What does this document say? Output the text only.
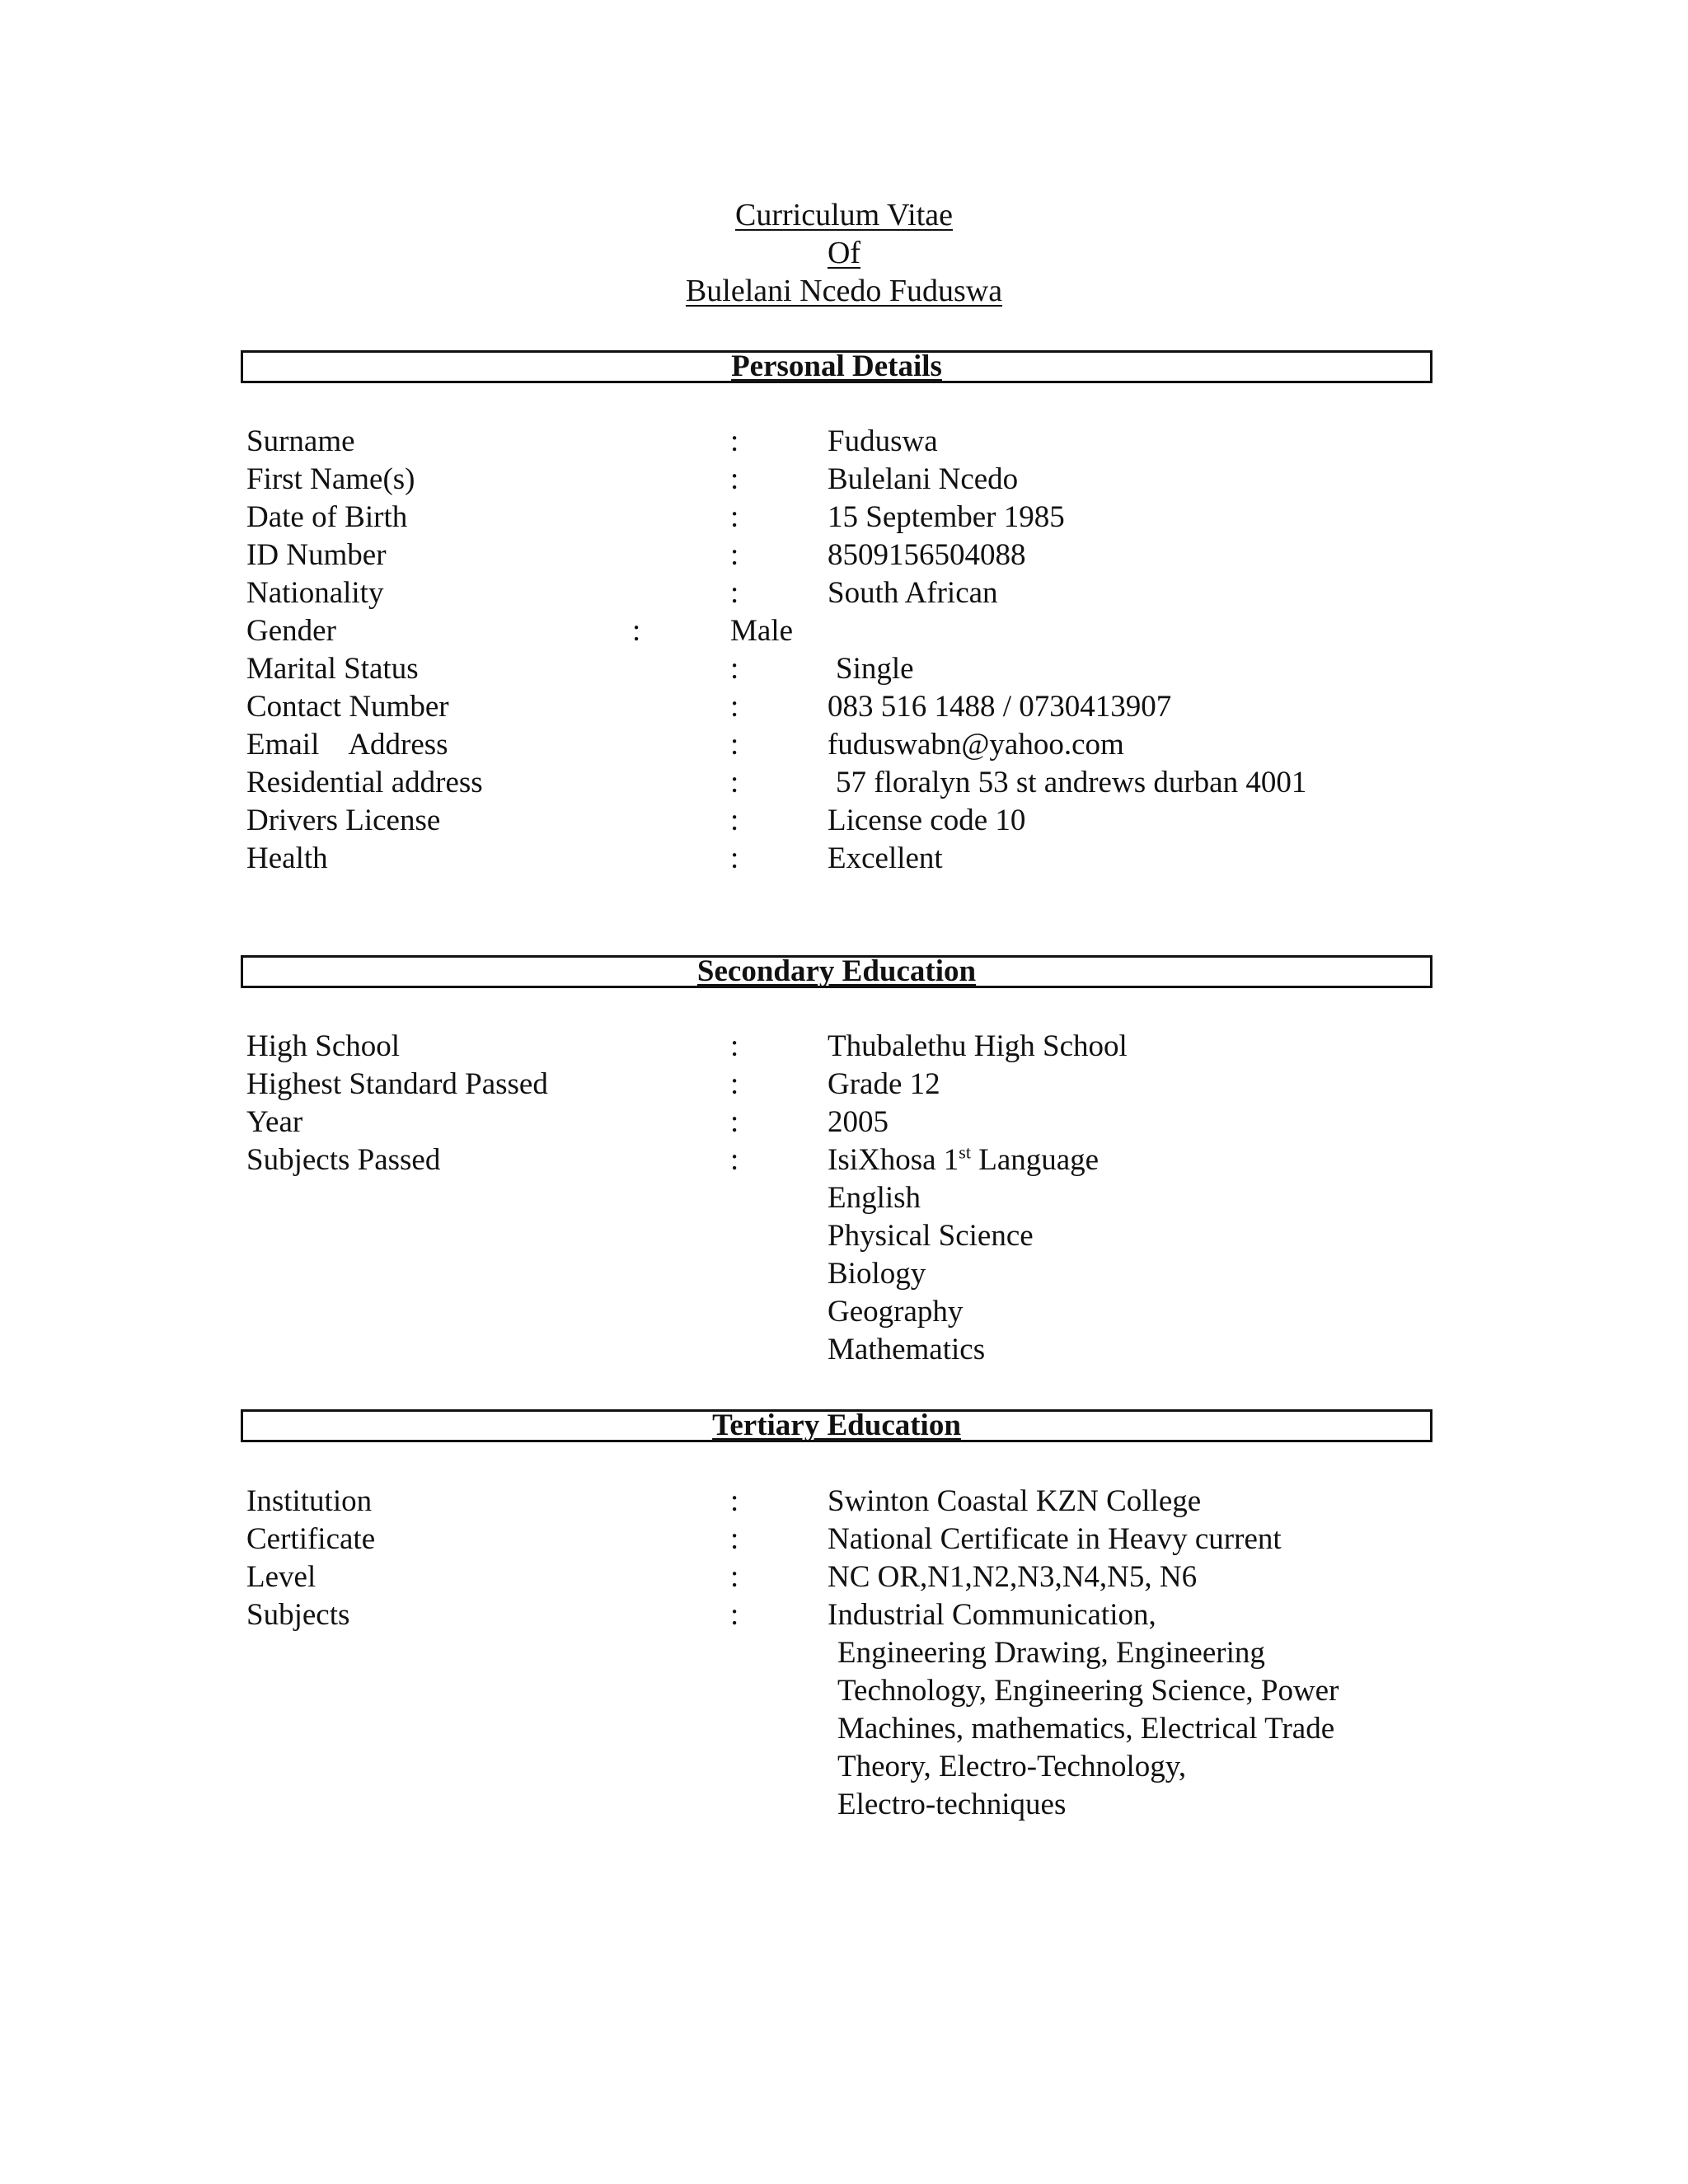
Curriculum Vitae
Of
Bulelani Ncedo Fuduswa
Personal Details
Surname	:	Fuduswa
First Name(s)	:	Bulelani Ncedo
Date of Birth	:	15 September 1985
ID Number	:	8509156504088
Nationality	:	South African
Gender	:	Male
Marital Status	:	Single
Contact Number	:	083 516 1488 / 0730413907
Email    Address	:	fuduswabn@yahoo.com
Residential address	:	57 floralyn 53 st andrews durban 4001
Drivers License	:	License code 10
Health	:	Excellent
Secondary Education
High School	:	Thubalethu High School
Highest Standard Passed	:	Grade 12
Year	:	2005
Subjects Passed	:	IsiXhosa 1st Language
English
Physical Science
Biology
Geography
Mathematics
Tertiary Education
Institution	:	Swinton Coastal KZN College
Certificate	:	National Certificate in Heavy current
Level	:	NC OR,N1,N2,N3,N4,N5, N6
Subjects	:	Industrial Communication,
Engineering Drawing, Engineering
Technology, Engineering Science, Power
Machines, mathematics, Electrical Trade
Theory, Electro-Technology,
Electro-techniques
